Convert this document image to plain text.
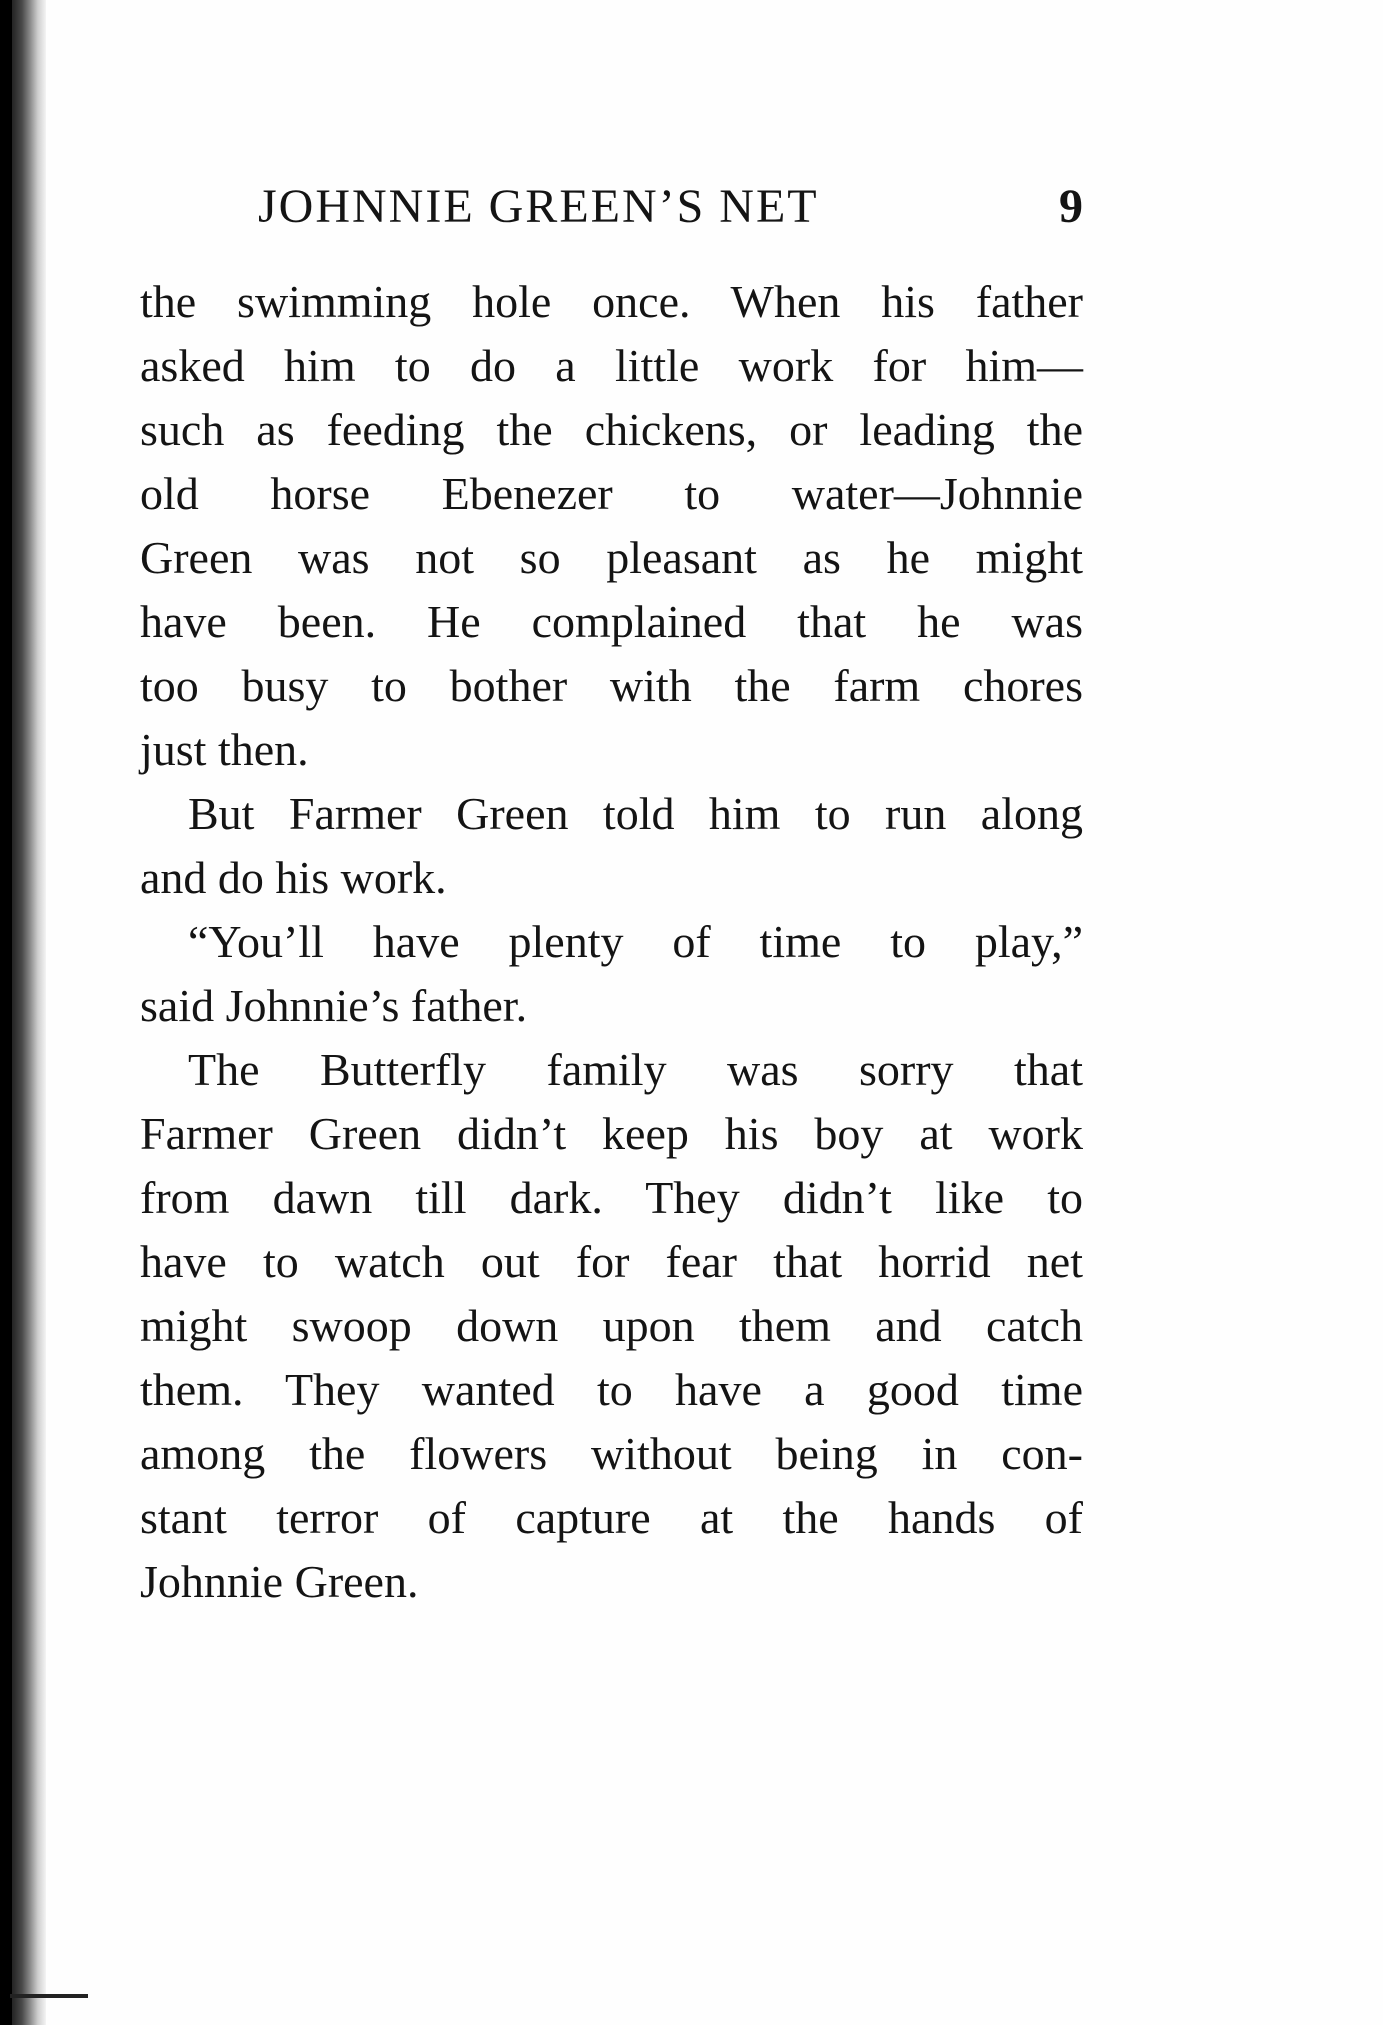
JOHNNIE GREEN’S NET	9
the swimming hole once. When his father
asked him to do a little work for him—
such as feeding the chickens, or leading the
old horse Ebenezer to water—Johnnie
Green was not so pleasant as he might
have been. He complained that he was
too busy to bother with the farm chores
just then.
But Farmer Green told him to run along
and do his work.
“You’ll have plenty of time to play,”
said Johnnie’s father.
The Butterfly family was sorry that
Farmer Green didn’t keep his boy at work
from dawn till dark. They didn’t like to
have to watch out for fear that horrid net
might swoop down upon them and catch
them. They wanted to have a good time
among the flowers without being in con-
stant terror of capture at the hands of
Johnnie Green.
